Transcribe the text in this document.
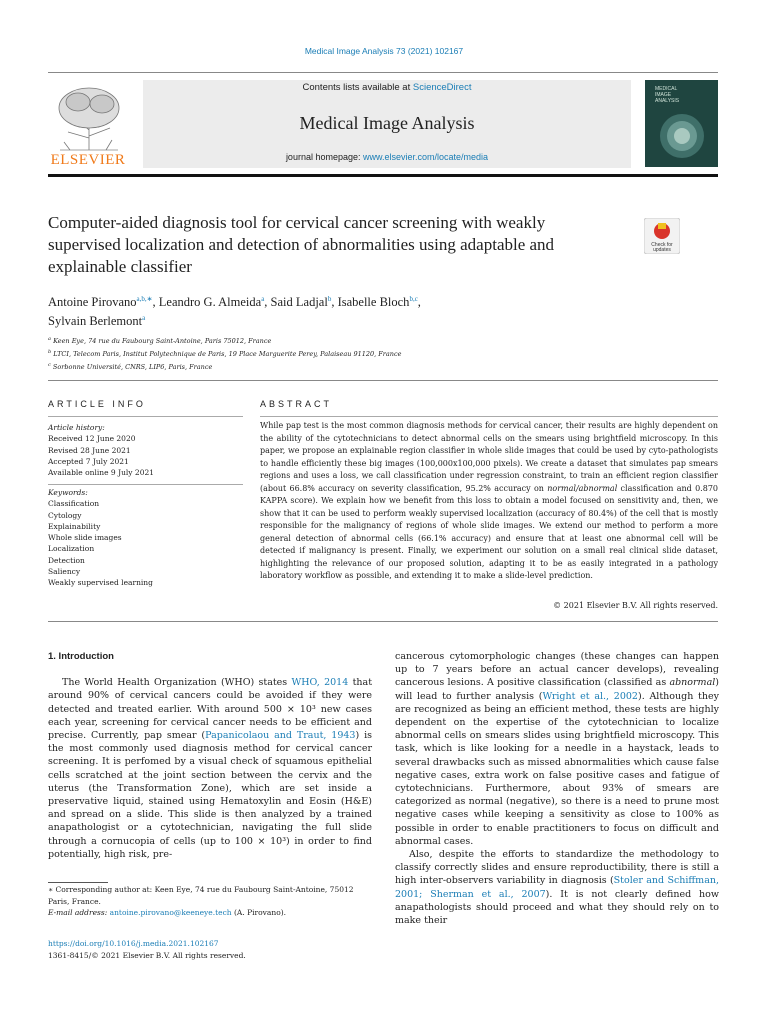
Medical Image Analysis 73 (2021) 102167
ELSEVIER
Contents lists available at ScienceDirect
Medical Image Analysis
journal homepage: www.elsevier.com/locate/media
MEDICAL
IMAGE
ANALYSIS
Computer-aided diagnosis tool for cervical cancer screening with weakly supervised localization and detection of abnormalities using adaptable and explainable classifier
Check for
updates
Antoine Pirovano$^{a,b,∗}$, Leandro G. Almeida$^a$, Said Ladjal$^b$, Isabelle Bloch$^{b,c}$,
Sylvain Berlemont$^a$
$^a$ Keen Eye, 74 rue du Faubourg Saint-Antoine, Paris 75012, France
$^b$ LTCI, Telecom Paris, Institut Polytechnique de Paris, 19 Place Marguerite Perey, Palaiseau 91120, France
$^c$ Sorbonne Université, CNRS, LIP6, Paris, France
ARTICLE INFO	ABSTRACT
Article history:
Received 12 June 2020
Revised 28 June 2021
Accepted 7 July 2021
Available online 9 July 2021
Keywords:
Classification
Cytology
Explainability
Whole slide images
Localization
Detection
Saliency
Weakly supervised learning
While pap test is the most common diagnosis methods for cervical cancer, their results are highly dependent on the ability of the cytotechnicians to detect abnormal cells on the smears using brightfield microscopy. In this paper, we propose an explainable region classifier in whole slide images that could be used by cyto-pathologists to handle efficiently these big images (100,000x100,000 pixels). We create a dataset that simulates pap smears regions and uses a loss, we call classification under regression constraint, to train an efficient region classifier (about 66.8% accuracy on severity classification, 95.2% accuracy on normal/abnormal classification and 0.870 KAPPA score). We explain how we benefit from this loss to obtain a model focused on sensitivity and, then, we show that it can be used to perform weakly supervised localization (accuracy of 80.4%) of the cell that is mostly responsible for the malignancy of regions of whole slide images. We extend our method to perform a more general detection of abnormal cells (66.1% accuracy) and ensure that at least one abnormal cell will be detected if malignancy is present. Finally, we experiment our solution on a small real clinical slide dataset, highlighting the relevance of our proposed solution, adapting it to be as easily integrated in a pathology laboratory workflow as possible, and extending it to make a slide-level prediction.
© 2021 Elsevier B.V. All rights reserved.
1. Introduction

The World Health Organization (WHO) states WHO, 2014 that around 90% of cervical cancers could be avoided if they were detected and treated earlier. With around 500 × 10³ new cases each year, screening for cervical cancer needs to be efficient and precise. Currently, pap smear (Papanicolaou and Traut, 1943) is the most commonly used diagnosis method for cervical cancer screening. It is perfomed by a visual check of squamous epithelial cells scratched at the joint section between the cervix and the uterus (the Transformation Zone), which are set inside a preservative liquid, stained using Hematoxylin and Eosin (H&E) and spread on a slide. This slide is then analyzed by a trained anapathologist or a cytotechnician, navigating the full slide through a cornucopia of cells (up to 100 × 10³) in order to find potentially, high risk, pre-

cancerous cytomorphologic changes (these changes can happen up to 7 years before an actual cancer develops), revealing cancerous lesions. A positive classification (classified as abnormal) will lead to further analysis (Wright et al., 2002). Although they are recognized as being an efficient method, these tests are highly dependent on the expertise of the cytotechnician to localize abnormal cells on smears slides using brightfield microscopy. This task, which is like looking for a needle in a haystack, leads to several drawbacks such as missed abnormalities which cause false negative cases, extra work on false positive cases and fatigue of cytotechnicians. Furthermore, about 93% of smears are categorized as normal (negative), so there is a need to prune most negative cases while keeping a sensitivity as close to 100% as possible in order to enable practitioners to focus on difficult and abnormal cases.

Also, despite the efforts to standardize the methodology to classify correctly slides and ensure reproductibility, there is still a high inter-observers variability in diagnosis (Stoler and Schiffman, 2001; Sherman et al., 2007). It is not clearly defined how anapathologists should proceed and what they should rely on to make their

∗ Corresponding author at: Keen Eye, 74 rue du Faubourg Saint-Antoine, 75012 Paris, France.
E-mail address: antoine.pirovano@keeneye.tech (A. Pirovano).
https://doi.org/10.1016/j.media.2021.102167
1361-8415/© 2021 Elsevier B.V. All rights reserved.
